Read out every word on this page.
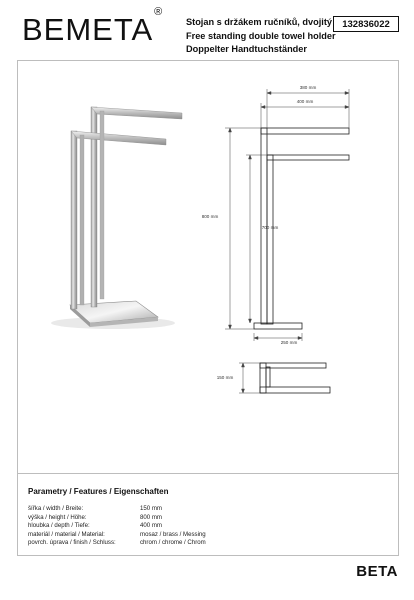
BEMETA®
Stojan s držákem ručníků, dvojitý
Free standing double towel holder
Doppelter Handtuchständer
132836022
380 mm
400 mm
800 mm
700 mm
250 mm
150 mm
Parametry / Features / Eigenschaften
šířka / width / Breite:	150 mm
výška / height / Höhe:	800 mm
hloubka / depth / Tiefe:	400 mm
materiál / material / Material:	mosaz / brass / Messing
povrch. úprava / finish / Schluss:	chrom / chrome / Chrom
BETA
